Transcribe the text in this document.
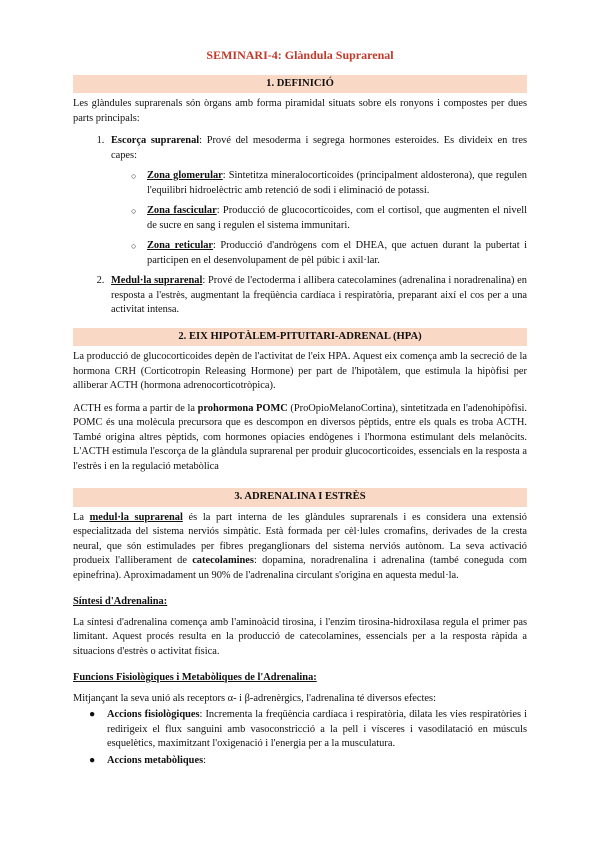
SEMINARI-4: Glàndula Suprarenal
1. DEFINICIÓ

Les glàndules suprarenals són òrgans amb forma piramidal situats sobre els ronyons i compostes per dues parts principals:

1. Escorça suprarenal: Prové del mesoderma i segrega hormones esteroides. Es divideix en tres capes:
○ Zona glomerular: Sintetitza mineralocorticoides (principalment aldosterona), que regulen l'equilibri hidroelèctric amb retenció de sodi i eliminació de potassi.
○ Zona fascicular: Producció de glucocorticoides, com el cortisol, que augmenten el nivell de sucre en sang i regulen el sistema immunitari.
○ Zona reticular: Producció d'andrògens com el DHEA, que actuen durant la pubertat i participen en el desenvolupament de pèl púbic i axil·lar.
2. Medul·la suprarenal: Prové de l'ectoderma i allibera catecolamines (adrenalina i noradrenalina) en resposta a l'estrès, augmentant la freqüència cardíaca i respiratòria, preparant així el cos per a una activitat intensa.
2. EIX HIPOTÀLEM-PITUITARI-ADRENAL (HPA)

La producció de glucocorticoides depèn de l'activitat de l'eix HPA. Aquest eix comença amb la secreció de la hormona CRH (Corticotropin Releasing Hormone) per part de l'hipotàlem, que estimula la hipòfisi per alliberar ACTH (hormona adrenocorticotròpica).

ACTH es forma a partir de la prohormona POMC (ProOpioMelanoCortina), sintetitzada en l'adenohipòfisi. POMC és una molècula precursora que es descompon en diversos pèptids, entre els quals es troba ACTH. També origina altres pèptids, com hormones opiacies endògenes i l'hormona estimulant dels melanòcits. L'ACTH estimula l'escorça de la glàndula suprarenal per produir glucocorticoides, essencials en la resposta a l'estrès i en la regulació metabòlica

3. ADRENALINA I ESTRÈS

La medul·la suprarenal és la part interna de les glàndules suprarenals i es considera una extensió especialitzada del sistema nerviós simpàtic. Està formada per cèl·lules cromafins, derivades de la cresta neural, que són estimulades per fibres preganglionars del sistema nerviós autònom. La seva activació produeix l'alliberament de catecolamines: dopamina, noradrenalina i adrenalina (també coneguda com epinefrina). Aproximadament un 90% de l'adrenalina circulant s'origina en aquesta medul·la.

Síntesi d'Adrenalina:

La síntesi d'adrenalina comença amb l'aminoàcid tirosina, i l'enzim tirosina-hidroxilasa regula el primer pas limitant. Aquest procés resulta en la producció de catecolamines, essencials per a la resposta ràpida a situacions d'estrès o activitat física.

Funcions Fisiològiques i Metabòliques de l'Adrenalina:

Mitjançant la seva unió als receptors α- i β-adrenèrgics, l'adrenalina té diversos efectes:

● Accions fisiològiques: Incrementa la freqüència cardíaca i respiratòria, dilata les vies respiratòries i redirigeix el flux sanguini amb vasoconstricció a la pell i vísceres i vasodilatació en músculs esquelètics, maximitzant l'oxigenació i l'energia per a la musculatura.
● Accions metabòliques:
